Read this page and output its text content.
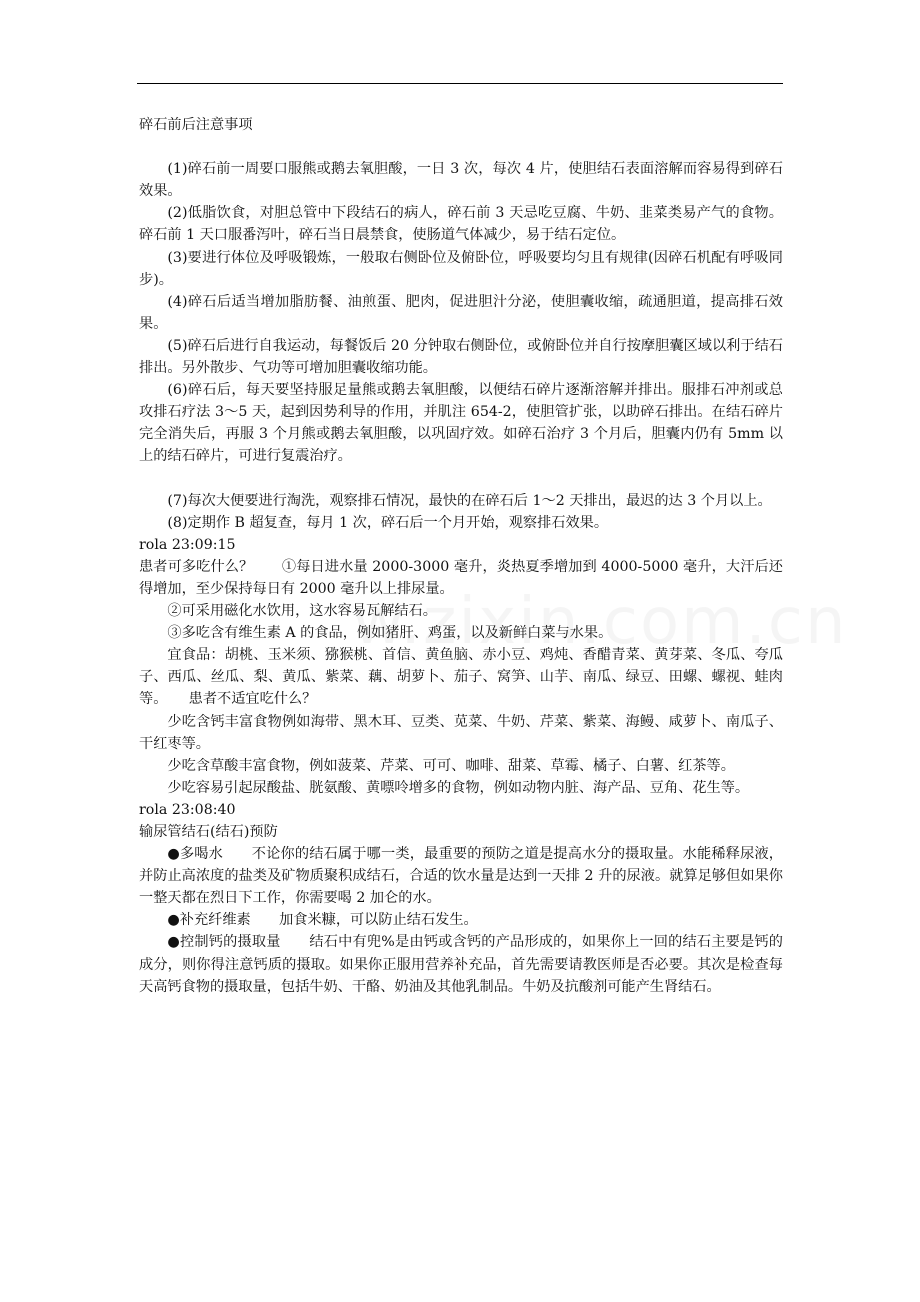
碎石前后注意事项

(1)碎石前一周要口服熊或鹅去氧胆酸，一日 3 次，每次 4 片，使胆结石表面溶解而容易得到碎石效果。

(2)低脂饮食，对胆总管中下段结石的病人，碎石前 3 天忌吃豆腐、牛奶、韭菜类易产气的食物。碎石前 1 天口服番泻叶，碎石当日晨禁食，使肠道气体减少，易于结石定位。

(3)要进行体位及呼吸锻炼，一般取右侧卧位及俯卧位，呼吸要均匀且有规律(因碎石机配有呼吸同步)。

(4)碎石后适当增加脂肪餐、油煎蛋、肥肉，促进胆汁分泌，使胆囊收缩，疏通胆道，提高排石效果。

(5)碎石后进行自我运动，每餐饭后 20 分钟取右侧卧位，或俯卧位并自行按摩胆囊区域以利于结石排出。另外散步、气功等可增加胆囊收缩功能。

(6)碎石后，每天要坚持服足量熊或鹅去氧胆酸，以便结石碎片逐渐溶解并排出。服排石冲剂或总攻排石疗法 3～5 天，起到因势利导的作用，并肌注 654-2，使胆管扩张，以助碎石排出。在结石碎片完全消失后，再服 3 个月熊或鹅去氧胆酸，以巩固疗效。如碎石治疗 3 个月后，胆囊内仍有 5mm 以上的结石碎片，可进行复震治疗。

(7)每次大便要进行淘洗，观察排石情况，最快的在碎石后 1～2 天排出，最迟的达 3 个月以上。

(8)定期作 B 超复查，每月 1 次，碎石后一个月开始，观察排石效果。

rola 23:09:15

患者可多吃什么？　　①每日进水量 2000-3000 毫升，炎热夏季增加到 4000-5000 毫升，大汗后还得增加，至少保持每日有 2000 毫升以上排尿量。

②可采用磁化水饮用，这水容易瓦解结石。

③多吃含有维生素 A 的食品，例如猪肝、鸡蛋，以及新鲜白菜与水果。

宜食品：胡桃、玉米须、猕猴桃、首信、黄鱼脑、赤小豆、鸡炖、香醋青菜、黄芽菜、冬瓜、夸瓜子、西瓜、丝瓜、梨、黄瓜、紫菜、藕、胡萝卜、茄子、窝笋、山芋、南瓜、绿豆、田螺、螺视、蛙肉等。　　患者不适宜吃什么？

少吃含钙丰富食物例如海带、黑木耳、豆类、苋菜、牛奶、芹菜、紫菜、海鳗、咸萝卜、南瓜子、干红枣等。

少吃含草酸丰富食物，例如菠菜、芹菜、可可、咖啡、甜菜、草霉、橘子、白薯、红茶等。

少吃容易引起尿酸盐、胱氨酸、黄嘌呤增多的食物，例如动物内脏、海产品、豆角、花生等。

rola 23:08:40

输尿管结石(结石)预防

●多喝水　　不论你的结石属于哪一类，最重要的预防之道是提高水分的摄取量。水能稀释尿液，并防止高浓度的盐类及矿物质聚积成结石，合适的饮水量是达到一天排 2 升的尿液。就算足够但如果你一整天都在烈日下工作，你需要喝 2 加仑的水。

●补充纤维素　　加食米糠，可以防止结石发生。

●控制钙的摄取量　　结石中有兜%是由钙或含钙的产品形成的，如果你上一回的结石主要是钙的成分，则你得注意钙质的摄取。如果你正服用营养补充品，首先需要请教医师是否必要。其次是检查每天高钙食物的摄取量，包括牛奶、干酪、奶油及其他乳制品。牛奶及抗酸剂可能产生肾结石。
